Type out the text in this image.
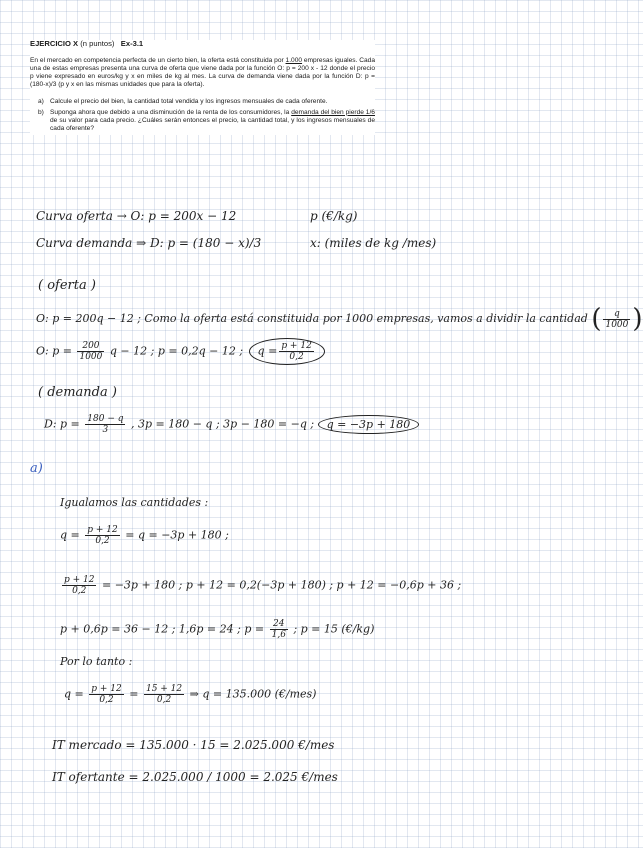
EJERCICIO X (n puntos) Ex-3.1

En el mercado en competencia perfecta de un cierto bien, la oferta está constituida por 1.000 empresas iguales. Cada una de estas empresas presenta una curva de oferta que viene dada por la función O: p = 200 x - 12 donde el precio p viene expresado en euros/kg y x en miles de kg al mes. La curva de demanda viene dada por la función D: p = (180-x)/3 (p y x en las mismas unidades que para la oferta).

a) Calcule el precio del bien, la cantidad total vendida y los ingresos mensuales de cada oferente.
b) Suponga ahora que debido a una disminución de la renta de los consumidores, la demanda del bien pierde 1/6 de su valor para cada precio. ¿Cuáles serán entonces el precio, la cantidad total, y los ingresos mensuales de cada oferente?
Curva oferta → O: p = 200x − 12	p (€/kg)
Curva demanda ⇒ D: p = (180 − x)/3	x: (miles de kg /mes)
( oferta )
O: p = 200q − 12 ; Como la oferta está constituida por 1000 empresas, vamos a dividir la cantidad ( $\frac{q}{1000}$ )
O: $p = \frac{200}{1000}$ q − 12 ; p = 0,2q − 12 ; $q = \frac{p + 12}{0,2}$
( demanda )
D: $p = \frac{180 - q}{3}$ , 3p = 180 − q ; 3p − 180 = −q ; q = −3p + 180
a)
Igualamos las cantidades :
$q = \frac{p + 12}{0,2} = q = -3p + 180$ ;
$\frac{p + 12}{0,2} = -3p + 180$ ; p + 12 = 0,2(−3p + 180) ; p + 12 = −0,6p + 36 ;
p + 0,6p = 36 − 12 ; 1,6p = 24 ; $p = \frac{24}{1,6}$ ; p = 15 (€/kg)
Por lo tanto :
$q = \frac{p + 12}{0,2} = \frac{15 + 12}{0,2}$ ⇒ q = 135.000 (€/mes)
IT mercado = 135.000 · 15 = 2.025.000 €/mes
IT ofertante = 2.025.000 / 1000 = 2.025 €/mes
